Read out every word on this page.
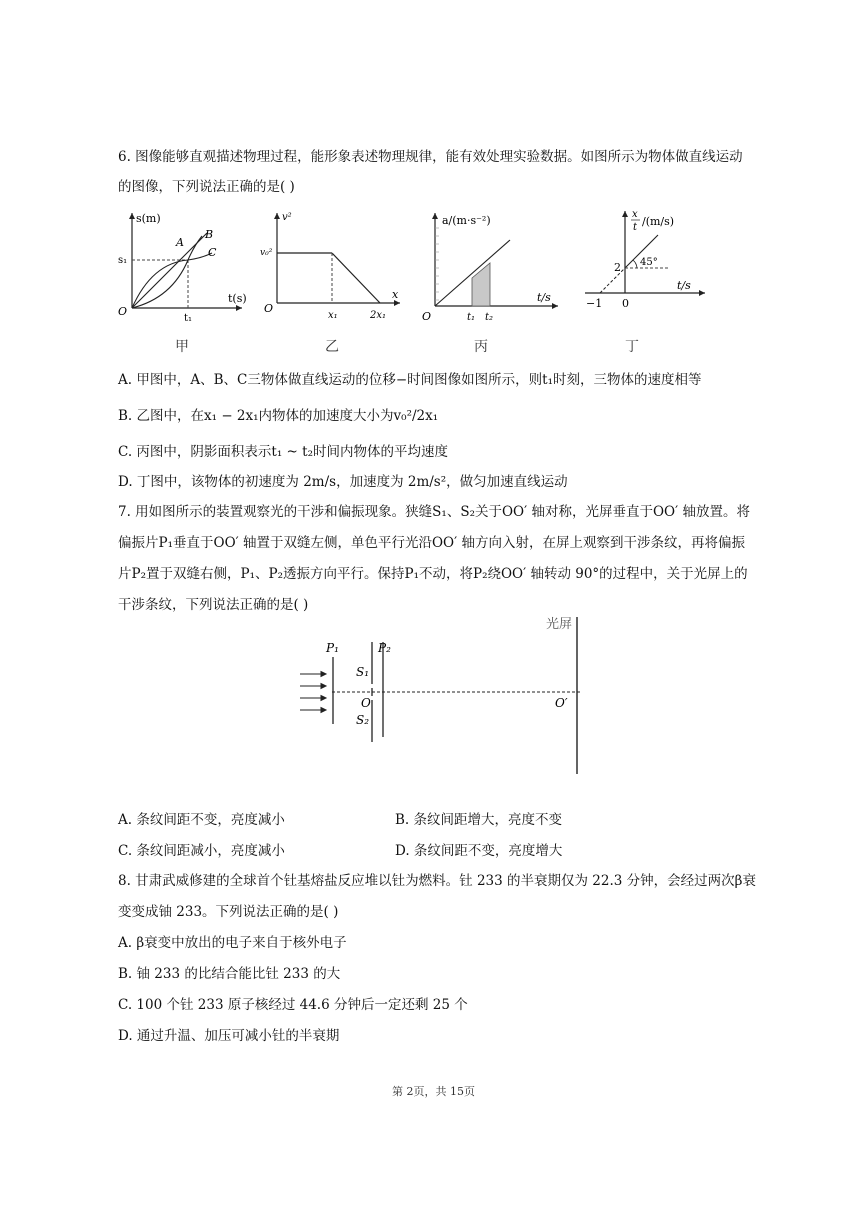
6. 图像能够直观描述物理过程，能形象表述物理规律，能有效处理实验数据。如图所示为物体做直线运动
的图像，下列说法正确的是( )
s(m)
t(s)
O
s₁
t₁
A
B
C
甲
v²
x
O
v₀²
x₁	2x₁
乙
a/(m·s⁻²)
t/s
O	t₁ t₂
丙
x
t /(m/s)
t/s
2 45°
−1 0
丁
A. 甲图中，A、B、C三物体做直线运动的位移−时间图像如图所示，则t₁时刻，三物体的速度相等
B. 乙图中，在x₁ − 2x₁内物体的加速度大小为v₀²/2x₁
C. 丙图中，阴影面积表示t₁ ~ t₂时间内物体的平均速度
D. 丁图中，该物体的初速度为 2m/s，加速度为 2m/s²，做匀加速直线运动
7. 用如图所示的装置观察光的干涉和偏振现象。狭缝S₁、S₂关于OO′ 轴对称，光屏垂直于OO′ 轴放置。将
偏振片P₁垂直于OO′ 轴置于双缝左侧，单色平行光沿OO′ 轴方向入射，在屏上观察到干涉条纹，再将偏振
片P₂置于双缝右侧，P₁、P₂透振方向平行。保持P₁不动，将P₂绕OO′ 轴转动 90°的过程中，关于光屏上的
干涉条纹，下列说法正确的是( )
P₁	P₂
S₁
O
S₂
O′
光屏
A. 条纹间距不变，亮度减小	B. 条纹间距增大，亮度不变
C. 条纹间距减小，亮度减小	D. 条纹间距不变，亮度增大
8. 甘肃武威修建的全球首个钍基熔盐反应堆以钍为燃料。钍 233 的半衰期仅为 22.3 分钟，会经过两次β衰
变变成铀 233。下列说法正确的是( )
A. β衰变中放出的电子来自于核外电子
B. 铀 233 的比结合能比钍 233 的大
C. 100 个钍 233 原子核经过 44.6 分钟后一定还剩 25 个
D. 通过升温、加压可减小钍的半衰期
第 2页，共 15页
